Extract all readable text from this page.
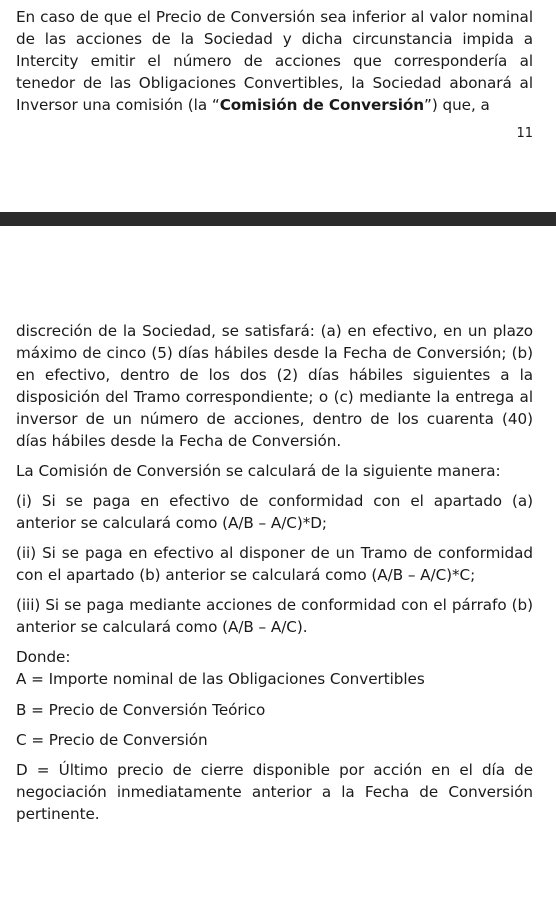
En caso de que el Precio de Conversión sea inferior al valor nominal de las acciones de la Sociedad y dicha circunstancia impida a Intercity emitir el número de acciones que correspondería al tenedor de las Obligaciones Convertibles, la Sociedad abonará al Inversor una comisión (la “Comisión de Conversión”) que, a

11

discreción de la Sociedad, se satisfará: (a) en efectivo, en un plazo máximo de cinco (5) días hábiles desde la Fecha de Conversión; (b) en efectivo, dentro de los dos (2) días hábiles siguientes a la disposición del Tramo correspondiente; o (c) mediante la entrega al inversor de un número de acciones, dentro de los cuarenta (40) días hábiles desde la Fecha de Conversión.

La Comisión de Conversión se calculará de la siguiente manera:

(i) Si se paga en efectivo de conformidad con el apartado (a) anterior se calculará como (A/B – A/C)*D;

(ii) Si se paga en efectivo al disponer de un Tramo de conformidad con el apartado (b) anterior se calculará como (A/B – A/C)*C;

(iii) Si se paga mediante acciones de conformidad con el párrafo (b) anterior se calculará como (A/B – A/C).

Donde:

A = Importe nominal de las Obligaciones Convertibles

B = Precio de Conversión Teórico

C = Precio de Conversión

D = Último precio de cierre disponible por acción en el día de negociación inmediatamente anterior a la Fecha de Conversión pertinente.
